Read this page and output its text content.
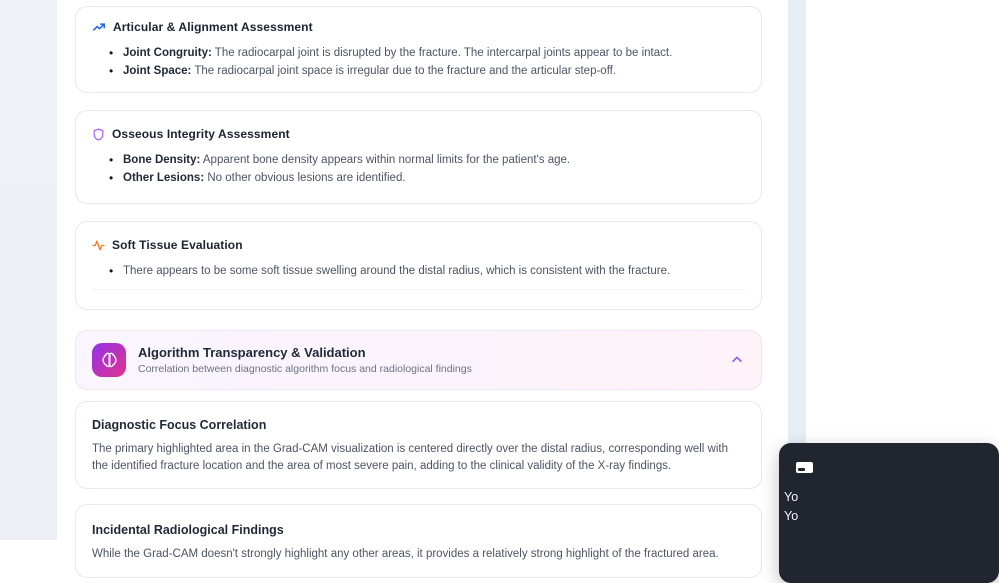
Articular & Alignment Assessment
• Joint Congruity: The radiocarpal joint is disrupted by the fracture. The intercarpal joints appear to be intact.
• Joint Space: The radiocarpal joint space is irregular due to the fracture and the articular step-off.
Osseous Integrity Assessment
• Bone Density: Apparent bone density appears within normal limits for the patient's age.
• Other Lesions: No other obvious lesions are identified.
Soft Tissue Evaluation
• There appears to be some soft tissue swelling around the distal radius, which is consistent with the fracture.
Algorithm Transparency & Validation
Correlation between diagnostic algorithm focus and radiological findings
Diagnostic Focus Correlation

The primary highlighted area in the Grad-CAM visualization is centered directly over the distal radius, corresponding well with the identified fracture location and the area of most severe pain, adding to the clinical validity of the X-ray findings.

Incidental Radiological Findings

While the Grad-CAM doesn't strongly highlight any other areas, it provides a relatively strong highlight of the fractured area.

Yo
Yo
